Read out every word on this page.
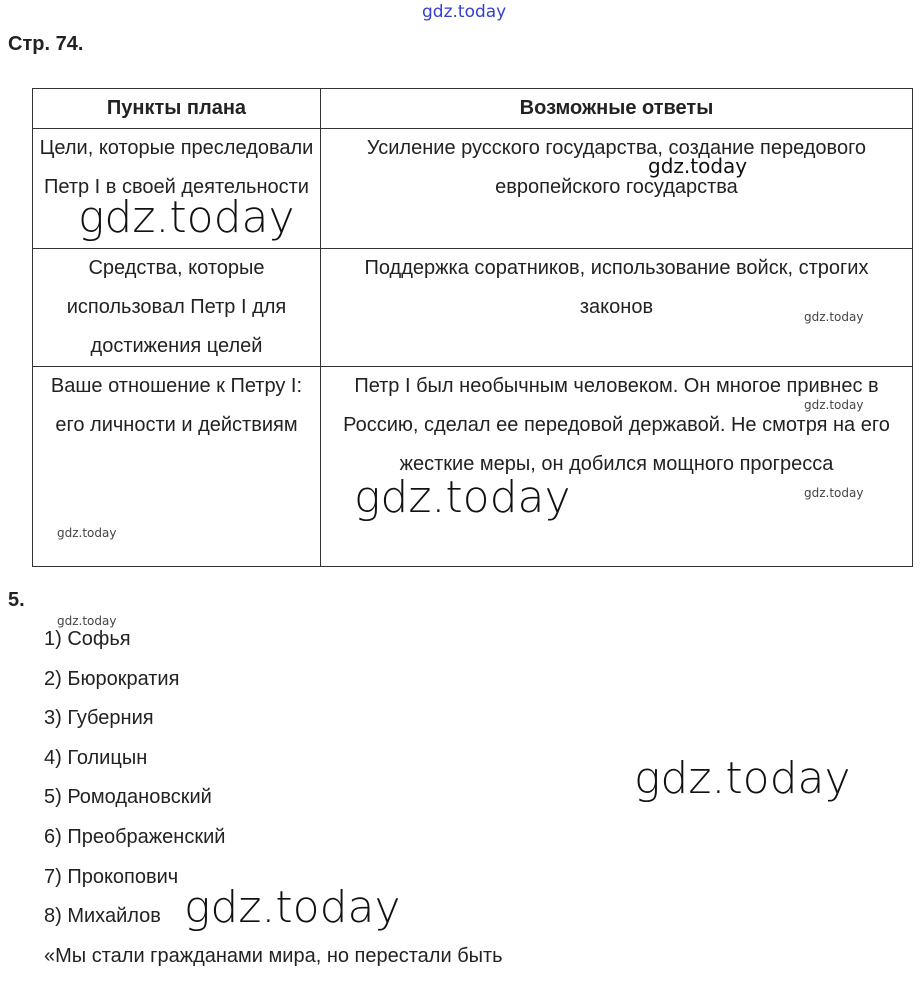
gdz.today
Стр. 74.
Пункты плана	Возможные ответы
Цели, которые преследовали Петр I в своей деятельности	Усиление русского государства, создание передового европейского государства
Средства, которые использовал Петр I для достижения целей	Поддержка соратников, использование войск, строгих законов
Ваше отношение к Петру I: его личности и действиям	Петр I был необычным человеком. Он многое привнес в Россию, сделал ее передовой державой. Не смотря на его жесткие меры, он добился мощного прогресса
gdz.today
gdz.today
gdz.today
gdz.today
gdz.today
gdz.today
gdz.today
5.
gdz.today
1) Софья
2) Бюрократия
3) Губерния
4) Голицын
5) Ромодановский
6) Преображенский
7) Прокопович
8) Михайлов
«Мы стали гражданами мира, но перестали быть
gdz.today
gdz.today
